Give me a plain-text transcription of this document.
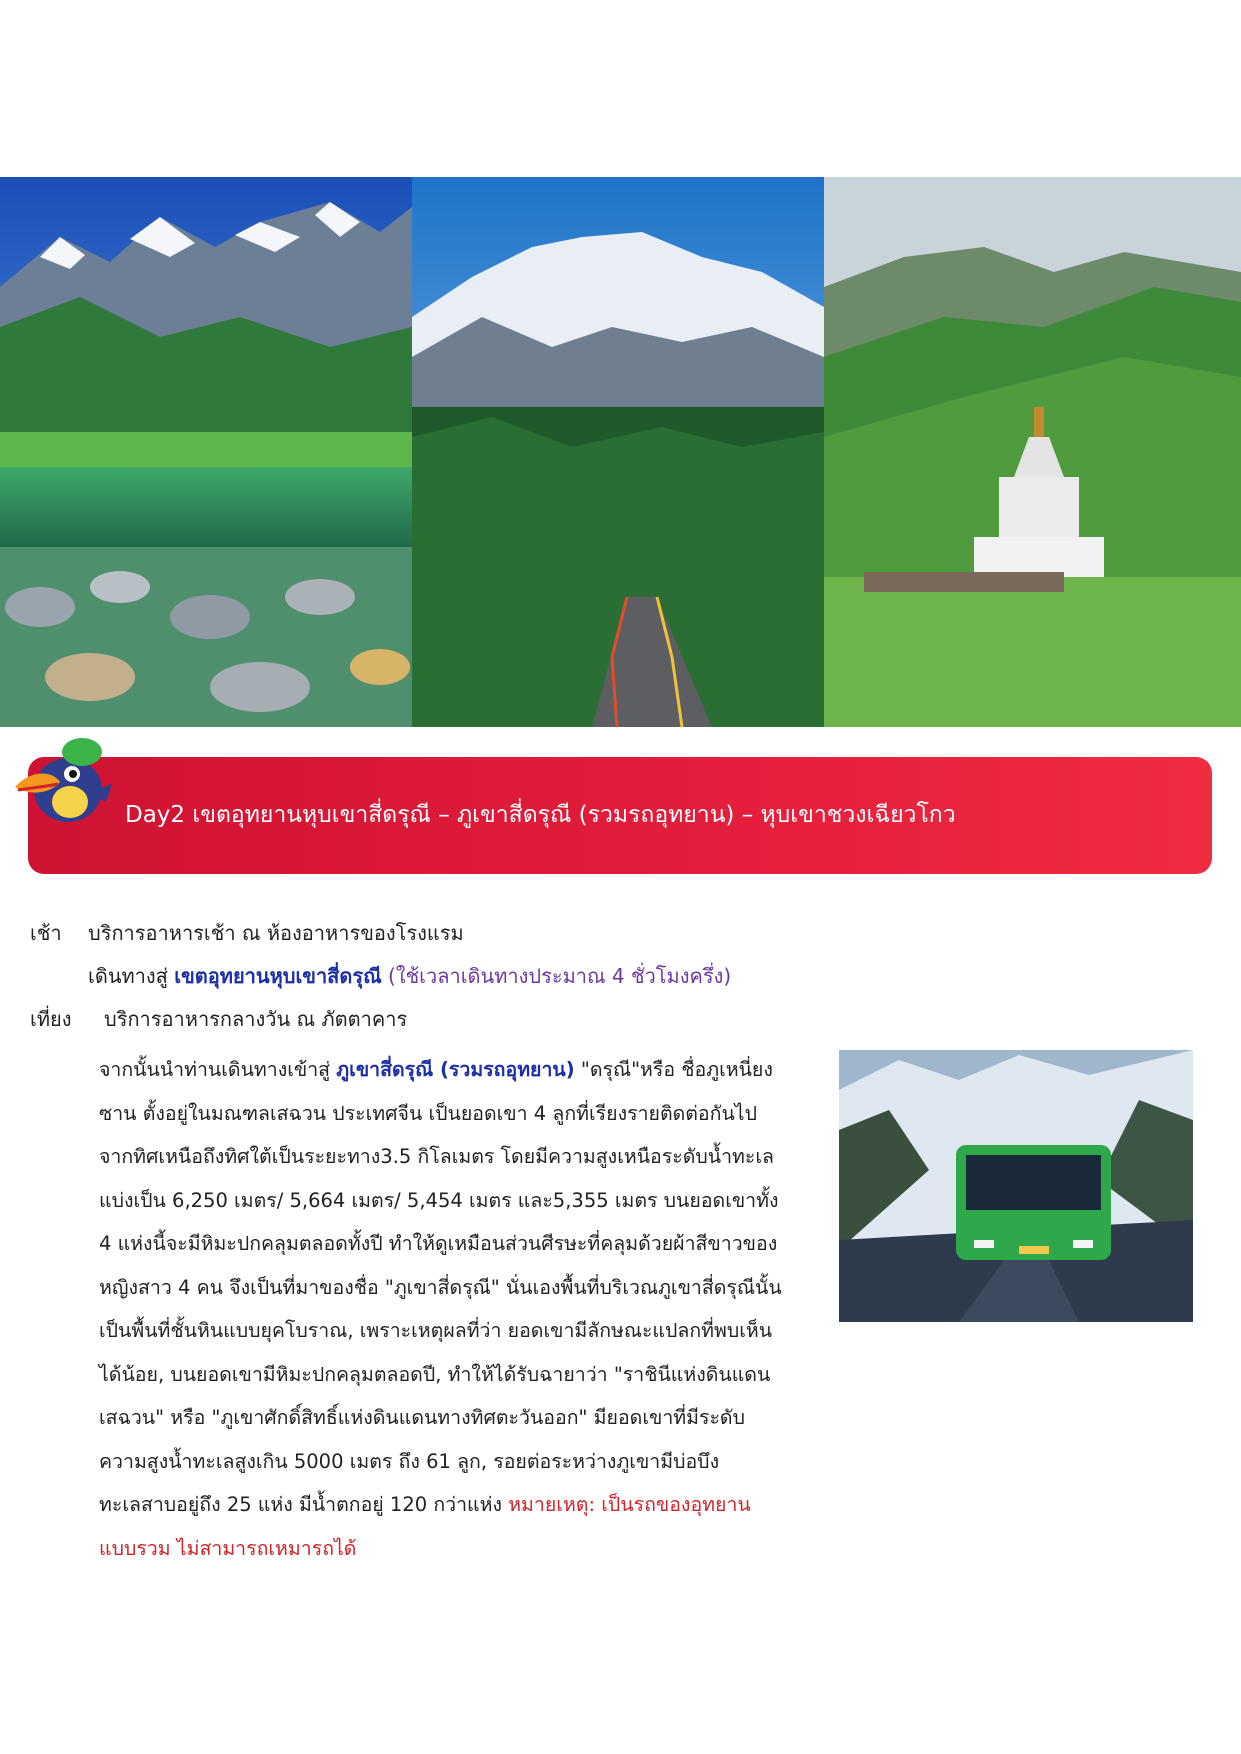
Day2 เขตอุทยานหุบเขาสี่ดรุณี – ภูเขาสี่ดรุณี (รวมรถอุทยาน) – หุบเขาชวงเฉียวโกว
เช้า บริการอาหารเช้า ณ ห้องอาหารของโรงแรม
เดินทางสู่ เขตอุทยานหุบเขาสี่ดรุณี (ใช้เวลาเดินทางประมาณ 4 ชั่วโมงครึ่ง)
เที่ยง บริการอาหารกลางวัน ณ ภัตตาคาร
จากนั้นนำท่านเดินทางเข้าสู่ ภูเขาสี่ดรุณี (รวมรถอุทยาน) "ดรุณี"หรือ ชื่อภูเหนี่ยง
ซาน ตั้งอยู่ในมณฑลเสฉวน ประเทศจีน เป็นยอดเขา 4 ลูกที่เรียงรายติดต่อกันไป
จากทิศเหนือถึงทิศใต้เป็นระยะทาง3.5 กิโลเมตร โดยมีความสูงเหนือระดับน้ำทะเล
แบ่งเป็น 6,250 เมตร/ 5,664 เมตร/ 5,454 เมตร และ5,355 เมตร บนยอดเขาทั้ง
4 แห่งนี้จะมีหิมะปกคลุมตลอดทั้งปี ทำให้ดูเหมือนส่วนศีรษะที่คลุมด้วยผ้าสีขาวของ
หญิงสาว 4 คน จึงเป็นที่มาของชื่อ "ภูเขาสี่ดรุณี" นั่นเองพื้นที่บริเวณภูเขาสี่ดรุณีนั้น
เป็นพื้นที่ชั้นหินแบบยุคโบราณ, เพราะเหตุผลที่ว่า ยอดเขามีลักษณะแปลกที่พบเห็น
ได้น้อย, บนยอดเขามีหิมะปกคลุมตลอดปี, ทำให้ได้รับฉายาว่า "ราชินีแห่งดินแดน
เสฉวน" หรือ "ภูเขาศักดิ์สิทธิ์แห่งดินแดนทางทิศตะวันออก" มียอดเขาที่มีระดับ
ความสูงน้ำทะเลสูงเกิน 5000 เมตร ถึง 61 ลูก, รอยต่อระหว่างภูเขามีบ่อบึง
ทะเลสาบอยู่ถึง 25 แห่ง มีน้ำตกอยู่ 120 กว่าแห่ง หมายเหตุ: เป็นรถของอุทยาน
แบบรวม ไม่สามารถเหมารถได้
